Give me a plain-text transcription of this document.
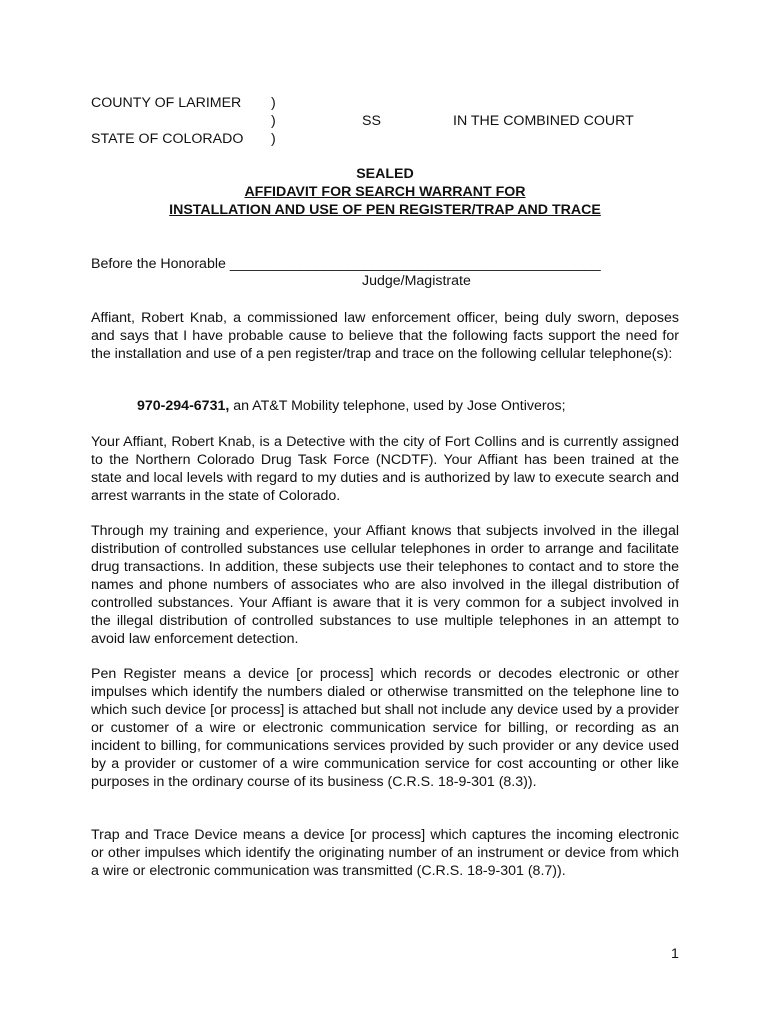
COUNTY OF LARIMER )
)	SS	IN THE COMBINED COURT
STATE OF COLORADO )
SEALED
AFFIDAVIT FOR SEARCH WARRANT FOR
INSTALLATION AND USE OF PEN REGISTER/TRAP AND TRACE
Before the Honorable _______________________________________________
Judge/Magistrate
Affiant, Robert Knab, a commissioned law enforcement officer, being duly sworn, deposes and says that I have probable cause to believe that the following facts support the need for the installation and use of a pen register/trap and trace on the following cellular telephone(s):
970-294-6731, an AT&T Mobility telephone, used by Jose Ontiveros;
Your Affiant, Robert Knab, is a Detective with the city of Fort Collins and is currently assigned to the Northern Colorado Drug Task Force (NCDTF). Your Affiant has been trained at the state and local levels with regard to my duties and is authorized by law to execute search and arrest warrants in the state of Colorado.
Through my training and experience, your Affiant knows that subjects involved in the illegal distribution of controlled substances use cellular telephones in order to arrange and facilitate drug transactions. In addition, these subjects use their telephones to contact and to store the names and phone numbers of associates who are also involved in the illegal distribution of controlled substances. Your Affiant is aware that it is very common for a subject involved in the illegal distribution of controlled substances to use multiple telephones in an attempt to avoid law enforcement detection.
Pen Register means a device [or process] which records or decodes electronic or other impulses which identify the numbers dialed or otherwise transmitted on the telephone line to which such device [or process] is attached but shall not include any device used by a provider or customer of a wire or electronic communication service for billing, or recording as an incident to billing, for communications services provided by such provider or any device used by a provider or customer of a wire communication service for cost accounting or other like purposes in the ordinary course of its business (C.R.S. 18-9-301 (8.3)).
Trap and Trace Device means a device [or process] which captures the incoming electronic or other impulses which identify the originating number of an instrument or device from which a wire or electronic communication was transmitted (C.R.S. 18-9-301 (8.7)).
1
